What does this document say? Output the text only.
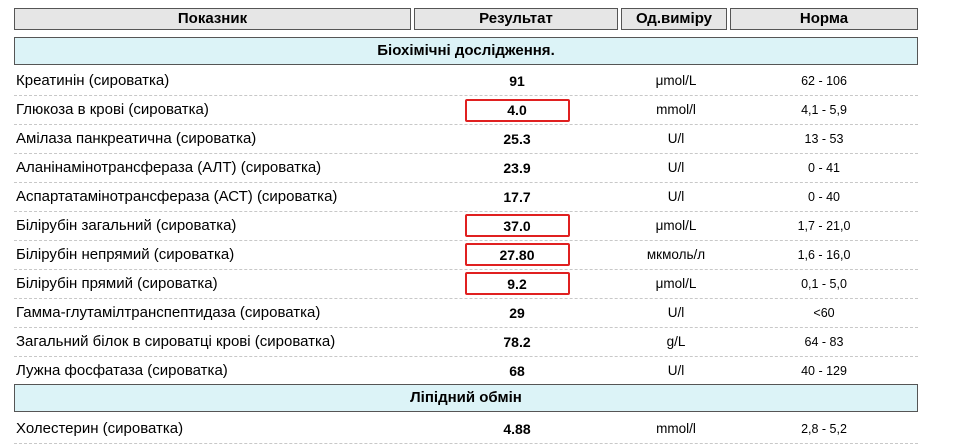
Показник	Результат	Од.виміру	Норма
Біохімічні дослідження.
Креатинін (сироватка)	91	μmol/L	62 - 106
Глюкоза в крові (сироватка)	4.0	mmol/l	4,1 - 5,9
Амілаза панкреатична (сироватка)	25.3	U/l	13 - 53
Аланінамінотрансфераза (АЛТ) (сироватка)	23.9	U/l	0 - 41
Аспартатамінотрансфераза (АСТ) (сироватка)	17.7	U/l	0 - 40
Білірубін загальний (сироватка)	37.0	μmol/L	1,7 - 21,0
Білірубін непрямий (сироватка)	27.80	мкмоль/л	1,6 - 16,0
Білірубін прямий (сироватка)	9.2	μmol/L	0,1 - 5,0
Гамма-глутамілтранспептидаза (сироватка)	29	U/l	<60
Загальний білок в сироватці крові (сироватка)	78.2	g/L	64 - 83
Лужна фосфатаза (сироватка)	68	U/l	40 - 129
Ліпідний обмін
Холестерин (сироватка)	4.88	mmol/l	2,8 - 5,2
